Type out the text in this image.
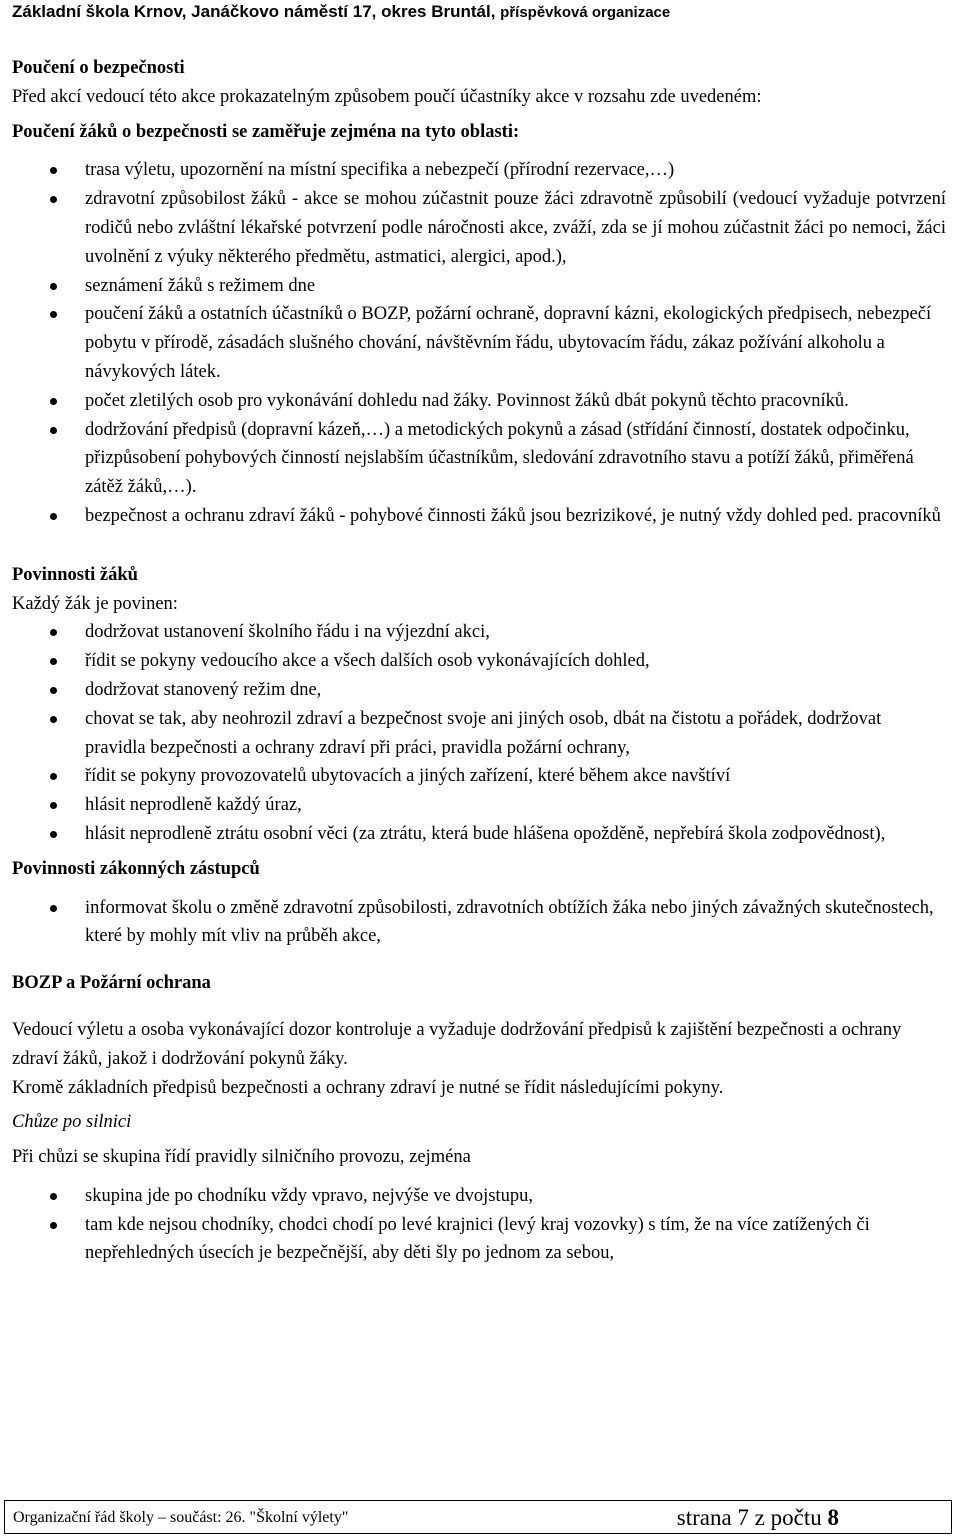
Základní škola Krnov, Janáčkovo náměstí 17, okres Bruntál, příspěvková organizace

Poučení o bezpečnosti

Před akcí vedoucí této akce prokazatelným způsobem poučí účastníky akce v rozsahu zde uvedeném:

Poučení žáků o bezpečnosti se zaměřuje zejména na tyto oblasti:

trasa výletu, upozornění na místní specifika a nebezpečí (přírodní rezervace,…)
zdravotní způsobilost žáků - akce se mohou zúčastnit pouze žáci zdravotně způsobilí (vedoucí vyžaduje potvrzení rodičů nebo zvláštní lékařské potvrzení podle náročnosti akce, zváží, zda se jí mohou zúčastnit žáci po nemoci, žáci uvolnění z výuky některého předmětu, astmatici, alergici, apod.),
seznámení žáků s režimem dne
poučení žáků a ostatních účastníků o BOZP, požární ochraně, dopravní kázni, ekologických předpisech, nebezpečí pobytu v přírodě, zásadách slušného chování, návštěvním řádu, ubytovacím řádu, zákaz požívání alkoholu a návykových látek.
počet zletilých osob pro vykonávání dohledu nad žáky. Povinnost žáků dbát pokynů těchto pracovníků.
dodržování předpisů (dopravní kázeň,…) a metodických pokynů a zásad (střídání činností, dostatek odpočinku, přizpůsobení pohybových činností nejslabším účastníkům, sledování zdravotního stavu a potíží žáků, přiměřená zátěž žáků,…).
bezpečnost a ochranu zdraví žáků - pohybové činnosti žáků jsou bezrizikové, je nutný vždy dohled ped. pracovníků

Povinnosti žáků

Každý žák je povinen:

dodržovat ustanovení školního řádu i na výjezdní akci,
řídit se pokyny vedoucího akce a všech dalších osob vykonávajících dohled,
dodržovat stanovený režim dne,
chovat se tak, aby neohrozil zdraví a bezpečnost svoje ani jiných osob, dbát na čistotu a pořádek, dodržovat pravidla bezpečnosti a ochrany zdraví při práci, pravidla požární ochrany,
řídit se pokyny provozovatelů ubytovacích a jiných zařízení, které během akce navštíví
hlásit neprodleně každý úraz,
hlásit neprodleně ztrátu osobní věci (za ztrátu, která bude hlášena opožděně, nepřebírá škola zodpovědnost),

Povinnosti zákonných zástupců

informovat školu o změně zdravotní způsobilosti, zdravotních obtížích žáka nebo jiných závažných skutečnostech, které by mohly mít vliv na průběh akce,

BOZP a Požární ochrana

Vedoucí výletu a osoba vykonávající dozor kontroluje a vyžaduje dodržování předpisů k zajištění bezpečnosti a ochrany zdraví žáků, jakož i dodržování pokynů žáky.

Kromě základních předpisů bezpečnosti a ochrany zdraví je nutné se řídit následujícími pokyny.

Chůze po silnici

Při chůzi se skupina řídí pravidly silničního provozu, zejména

skupina jde po chodníku vždy vpravo, nejvýše ve dvojstupu,
tam kde nejsou chodníky, chodci chodí po levé krajnici (levý kraj vozovky) s tím, že na více zatížených či nepřehledných úsecích je bezpečnější, aby děti šly po jednom za sebou,
Organizační řád školy – součást: 26. "Školní výlety"	strana 7 z počtu 8
